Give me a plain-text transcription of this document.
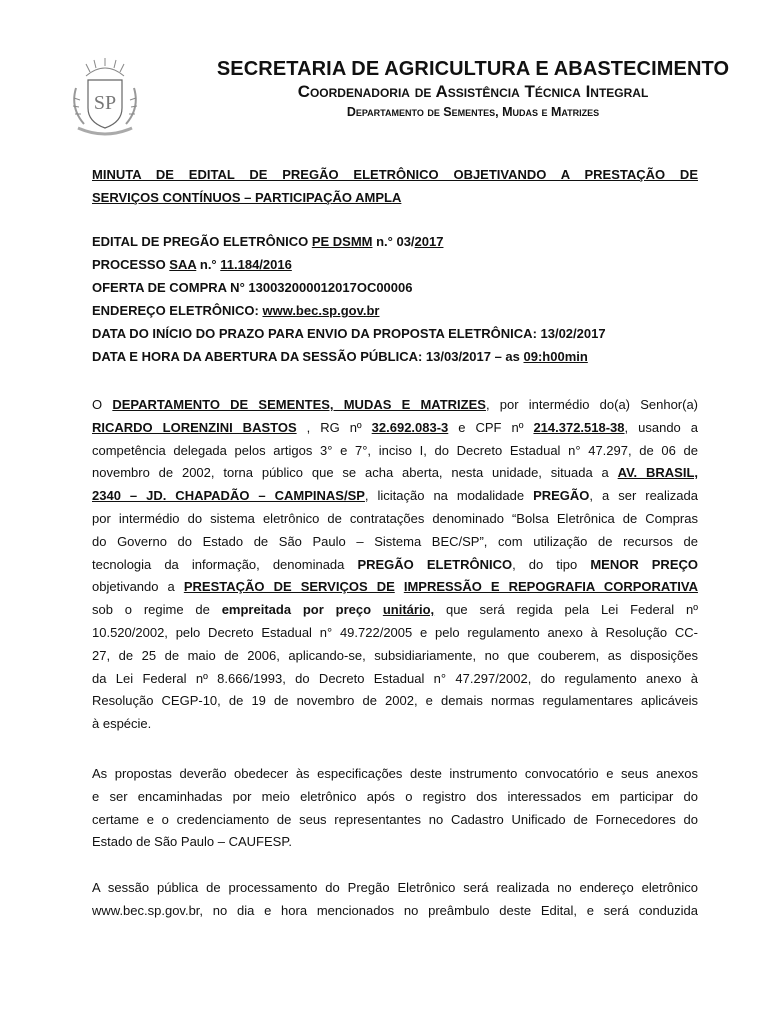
SP
SECRETARIA DE AGRICULTURA E ABASTECIMENTO
Coordenadoria de Assistência Técnica Integral
Departamento de Sementes, Mudas e Matrizes
MINUTA DE EDITAL DE PREGÃO ELETRÔNICO OBJETIVANDO A PRESTAÇÃO DE
SERVIÇOS CONTÍNUOS – PARTICIPAÇÃO AMPLA
EDITAL DE PREGÃO ELETRÔNICO PE DSMM n.° 03/2017
PROCESSO SAA n.° 11.184/2016
OFERTA DE COMPRA N° 13003200001​2017OC00006
ENDEREÇO ELETRÔNICO: www.bec.sp.gov.br
DATA DO INÍCIO DO PRAZO PARA ENVIO DA PROPOSTA ELETRÔNICA: 13/02/2017
DATA E HORA DA ABERTURA DA SESSÃO PÚBLICA: 13/03/2017 – as 09:h00min
O DEPARTAMENTO DE SEMENTES, MUDAS E MATRIZES, por intermédio do(a) Senhor(a)
RICARDO LORENZINI BASTOS , RG nº 32.692.083-3 e CPF nº 214.372.518-38, usando a
competência delegada pelos artigos 3° e 7°, inciso I, do Decreto Estadual n° 47.297, de 06 de
novembro de 2002, torna público que se acha aberta, nesta unidade, situada a AV. BRASIL,
2340 – JD. CHAPADÃO – CAMPINAS/SP, licitação na modalidade PREGÃO, a ser realizada
por intermédio do sistema eletrônico de contratações denominado “Bolsa Eletrônica de Compras
do Governo do Estado de São Paulo – Sistema BEC/SP”, com utilização de recursos de
tecnologia da informação, denominada PREGÃO ELETRÔNICO, do tipo MENOR PREÇO
objetivando a PRESTAÇÃO DE SERVIÇOS DE IMPRESSÃO E REPOGRAFIA CORPORATIVA
sob o regime de empreitada por preço unitário, que será regida pela Lei Federal nº
10.520/2002, pelo Decreto Estadual n° 49.722/2005 e pelo regulamento anexo à Resolução CC-
27, de 25 de maio de 2006, aplicando-se, subsidiariamente, no que couberem, as disposições
da Lei Federal nº 8.666/1993, do Decreto Estadual n° 47.297/2002, do regulamento anexo à
Resolução CEGP-10, de 19 de novembro de 2002, e demais normas regulamentares aplicáveis
à espécie.
As propostas deverão obedecer às especificações deste instrumento convocatório e seus anexos
e ser encaminhadas por meio eletrônico após o registro dos interessados em participar do
certame e o credenciamento de seus representantes no Cadastro Unificado de Fornecedores do
Estado de São Paulo – CAUFESP.
A sessão pública de processamento do Pregão Eletrônico será realizada no endereço eletrônico
www.bec.sp.gov.br, no dia e hora mencionados no preâmbulo deste Edital, e será conduzida
